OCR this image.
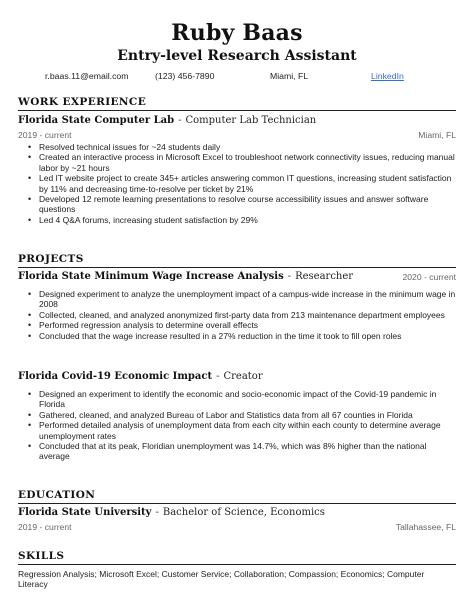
Ruby Baas
Entry-level Research Assistant
r.baas.11@email.com	(123) 456-7890	Miami, FL	LinkedIn
WORK EXPERIENCE
Florida State Computer Lab - Computer Lab Technician
2019 - current	Miami, FL
• Resolved technical issues for ~24 students daily
• Created an interactive process in Microsoft Excel to troubleshoot network connectivity issues, reducing manual labor by ~21 hours
• Led IT website project to create 345+ articles answering common IT questions, increasing student satisfaction by 11% and decreasing time-to-resolve per ticket by 21%
• Developed 12 remote learning presentations to resolve course accessibility issues and answer software questions
• Led 4 Q&A forums, increasing student satisfaction by 29%
PROJECTS
Florida State Minimum Wage Increase Analysis - Researcher	2020 - current
• Designed experiment to analyze the unemployment impact of a campus-wide increase in the minimum wage in 2008
• Collected, cleaned, and analyzed anonymized first-party data from 213 maintenance department employees
• Performed regression analysis to determine overall effects
• Concluded that the wage increase resulted in a 27% reduction in the time it took to fill open roles
Florida Covid-19 Economic Impact - Creator
• Designed an experiment to identify the economic and socio-economic impact of the Covid-19 pandemic in Florida
• Gathered, cleaned, and analyzed Bureau of Labor and Statistics data from all 67 counties in Florida
• Performed detailed analysis of unemployment data from each city within each county to determine average unemployment rates
• Concluded that at its peak, Floridian unemployment was 14.7%, which was 8% higher than the national average
EDUCATION
Florida State University - Bachelor of Science, Economics
2019 - current	Tallahassee, FL
SKILLS
Regression Analysis; Microsoft Excel; Customer Service; Collaboration; Compassion; Economics; Computer Literacy
